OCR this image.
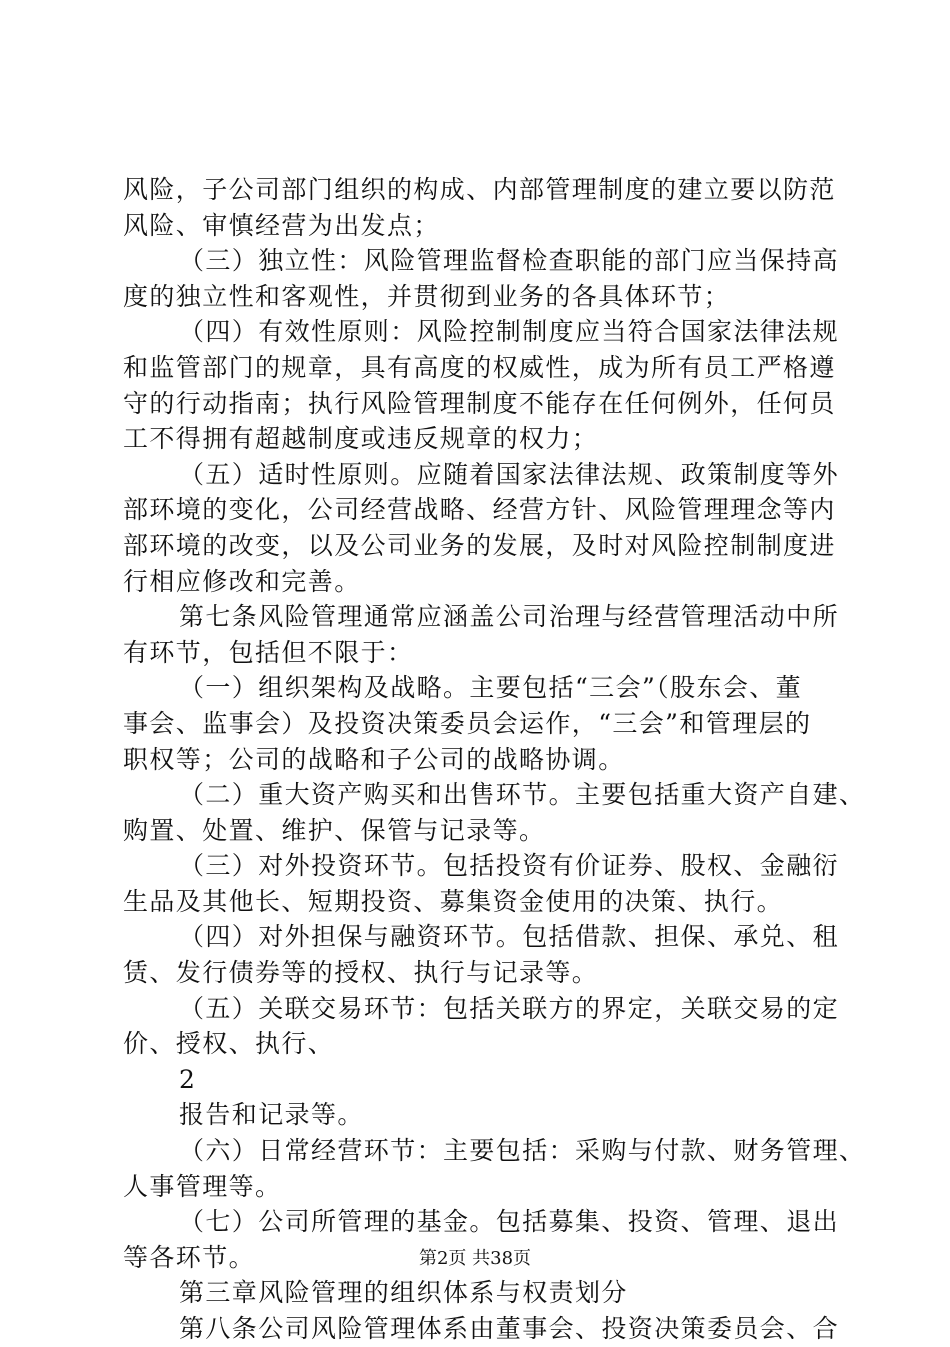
风险，子公司部门组织的构成、内部管理制度的建立要以防范
风险、审慎经营为出发点；
（三）独立性：风险管理监督检查职能的部门应当保持高
度的独立性和客观性，并贯彻到业务的各具体环节；
（四）有效性原则：风险控制制度应当符合国家法律法规
和监管部门的规章，具有高度的权威性，成为所有员工严格遵
守的行动指南；执行风险管理制度不能存在任何例外，任何员
工不得拥有超越制度或违反规章的权力；
（五）适时性原则。应随着国家法律法规、政策制度等外
部环境的变化，公司经营战略、经营方针、风险管理理念等内
部环境的改变，以及公司业务的发展，及时对风险控制制度进
行相应修改和完善。
第七条风险管理通常应涵盖公司治理与经营管理活动中所
有环节，包括但不限于：
（一）组织架构及战略。主要包括“三会”（股东会、董
事会、监事会）及投资决策委员会运作，“三会”和管理层的
职权等；公司的战略和子公司的战略协调。
（二）重大资产购买和出售环节。主要包括重大资产自建、
购置、处置、维护、保管与记录等。
（三）对外投资环节。包括投资有价证券、股权、金融衍
生品及其他长、短期投资、募集资金使用的决策、执行。
（四）对外担保与融资环节。包括借款、担保、承兑、租
赁、发行债券等的授权、执行与记录等。
（五）关联交易环节：包括关联方的界定，关联交易的定
价、授权、执行、
2
报告和记录等。
（六）日常经营环节：主要包括：采购与付款、财务管理、
人事管理等。
（七）公司所管理的基金。包括募集、投资、管理、退出
等各环节。
第三章风险管理的组织体系与权责划分
第八条公司风险管理体系由董事会、投资决策委员会、合
第2页 共38页
